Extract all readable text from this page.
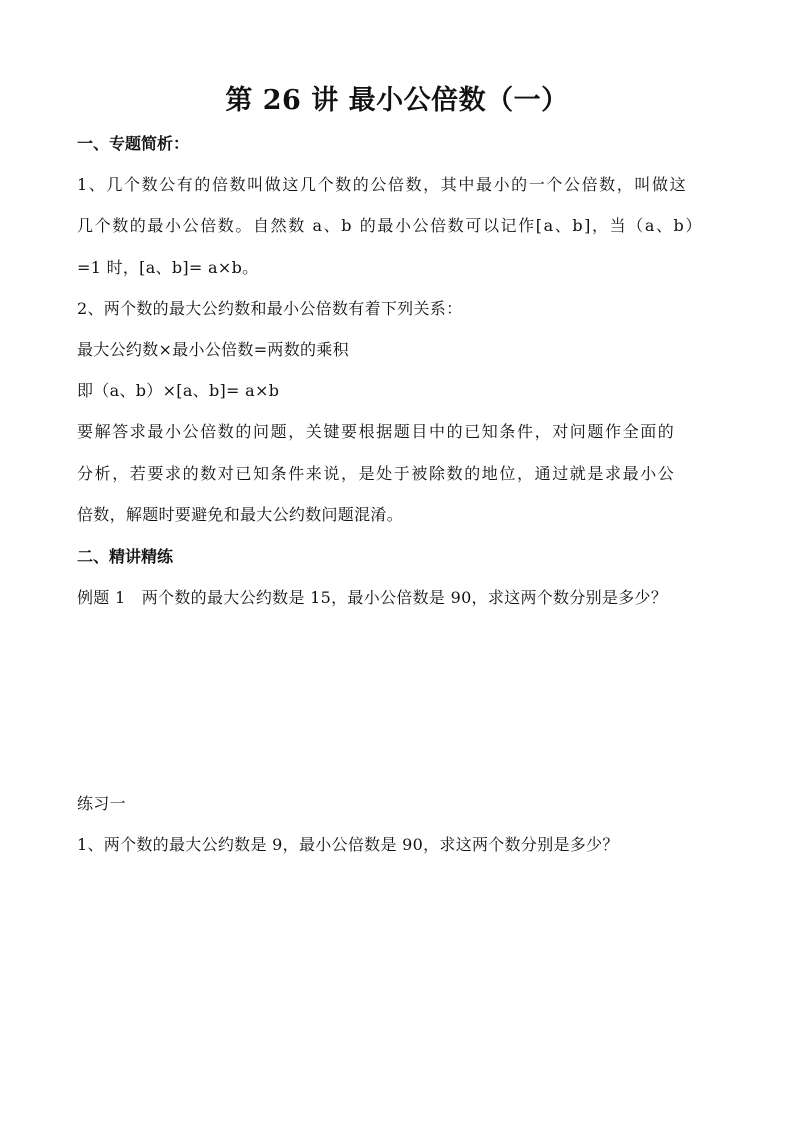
第 26 讲 最小公倍数（一）
一、专题简析：
1、几个数公有的倍数叫做这几个数的公倍数，其中最小的一个公倍数，叫做这
几个数的最小公倍数。自然数 a、b 的最小公倍数可以记作[a、b]，当（a、b）
=1 时，[a、b]= a×b。
2、两个数的最大公约数和最小公倍数有着下列关系：
最大公约数×最小公倍数=两数的乘积
即（a、b）×[a、b]= a×b
要解答求最小公倍数的问题，关键要根据题目中的已知条件，对问题作全面的
分析，若要求的数对已知条件来说，是处于被除数的地位，通过就是求最小公
倍数，解题时要避免和最大公约数问题混淆。
二、精讲精练
例题 1　两个数的最大公约数是 15，最小公倍数是 90，求这两个数分别是多少？
练习一
1、两个数的最大公约数是 9，最小公倍数是 90，求这两个数分别是多少？
